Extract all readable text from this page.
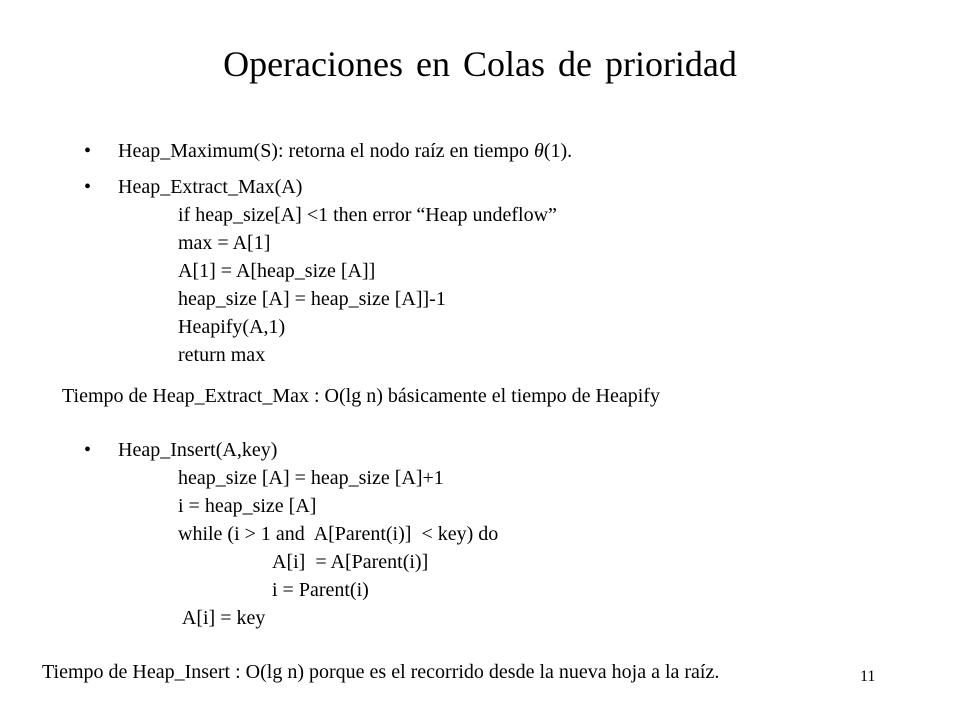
Operaciones en Colas de prioridad
• Heap_Maximum(S): retorna el nodo raíz en tiempo θ(1).
• Heap_Extract_Max(A)
if heap_size[A] <1 then error “Heap undeflow”
max = A[1]
A[1] = A[heap_size [A]]
heap_size [A] = heap_size [A]]-1
Heapify(A,1)
return max
Tiempo de Heap_Extract_Max : O(lg n) básicamente el tiempo de Heapify
• Heap_Insert(A,key)
heap_size [A] = heap_size [A]+1
i = heap_size [A]
while (i > 1 and  A[Parent(i)]  < key) do
A[i]  = A[Parent(i)]
i = Parent(i)
A[i] = key
Tiempo de Heap_Insert : O(lg n) porque es el recorrido desde la nueva hoja a la raíz.	11
